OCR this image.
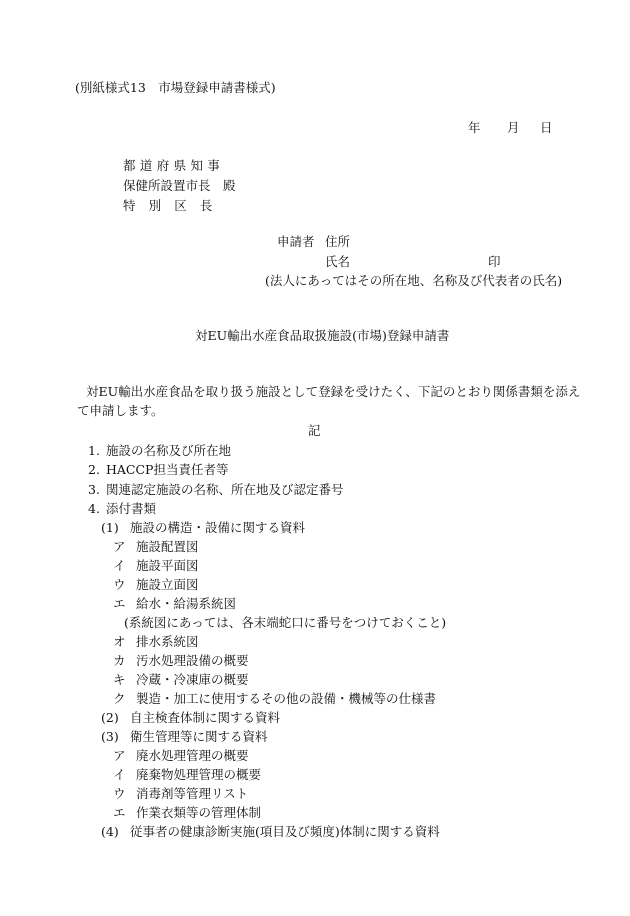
(別紙様式13　市場登録申請書様式)
年 月 日
都道府県知事
保健所設置市長　殿
特別区長
申請者 住所
氏名	印
(法人にあってはその所在地、名称及び代表者の氏名)
対EU輸出水産食品取扱施設(市場)登録申請書
対EU輸出水産食品を取り扱う施設として登録を受けたく、下記のとおり関係書類を添え
て申請します。
記
1. 施設の名称及び所在地
2. HACCP担当責任者等
3. 関連認定施設の名称、所在地及び認定番号
4. 添付書類
(1) 施設の構造・設備に関する資料
ア 施設配置図
イ 施設平面図
ウ 施設立面図
エ 給水・給湯系統図
(系統図にあっては、各末端蛇口に番号をつけておくこと)
オ 排水系統図
カ 汚水処理設備の概要
キ 冷蔵・冷凍庫の概要
ク 製造・加工に使用するその他の設備・機械等の仕様書
(2) 自主検査体制に関する資料
(3) 衛生管理等に関する資料
ア 廃水処理管理の概要
イ 廃棄物処理管理の概要
ウ 消毒剤等管理リスト
エ 作業衣類等の管理体制
(4) 従事者の健康診断実施(項目及び頻度)体制に関する資料
